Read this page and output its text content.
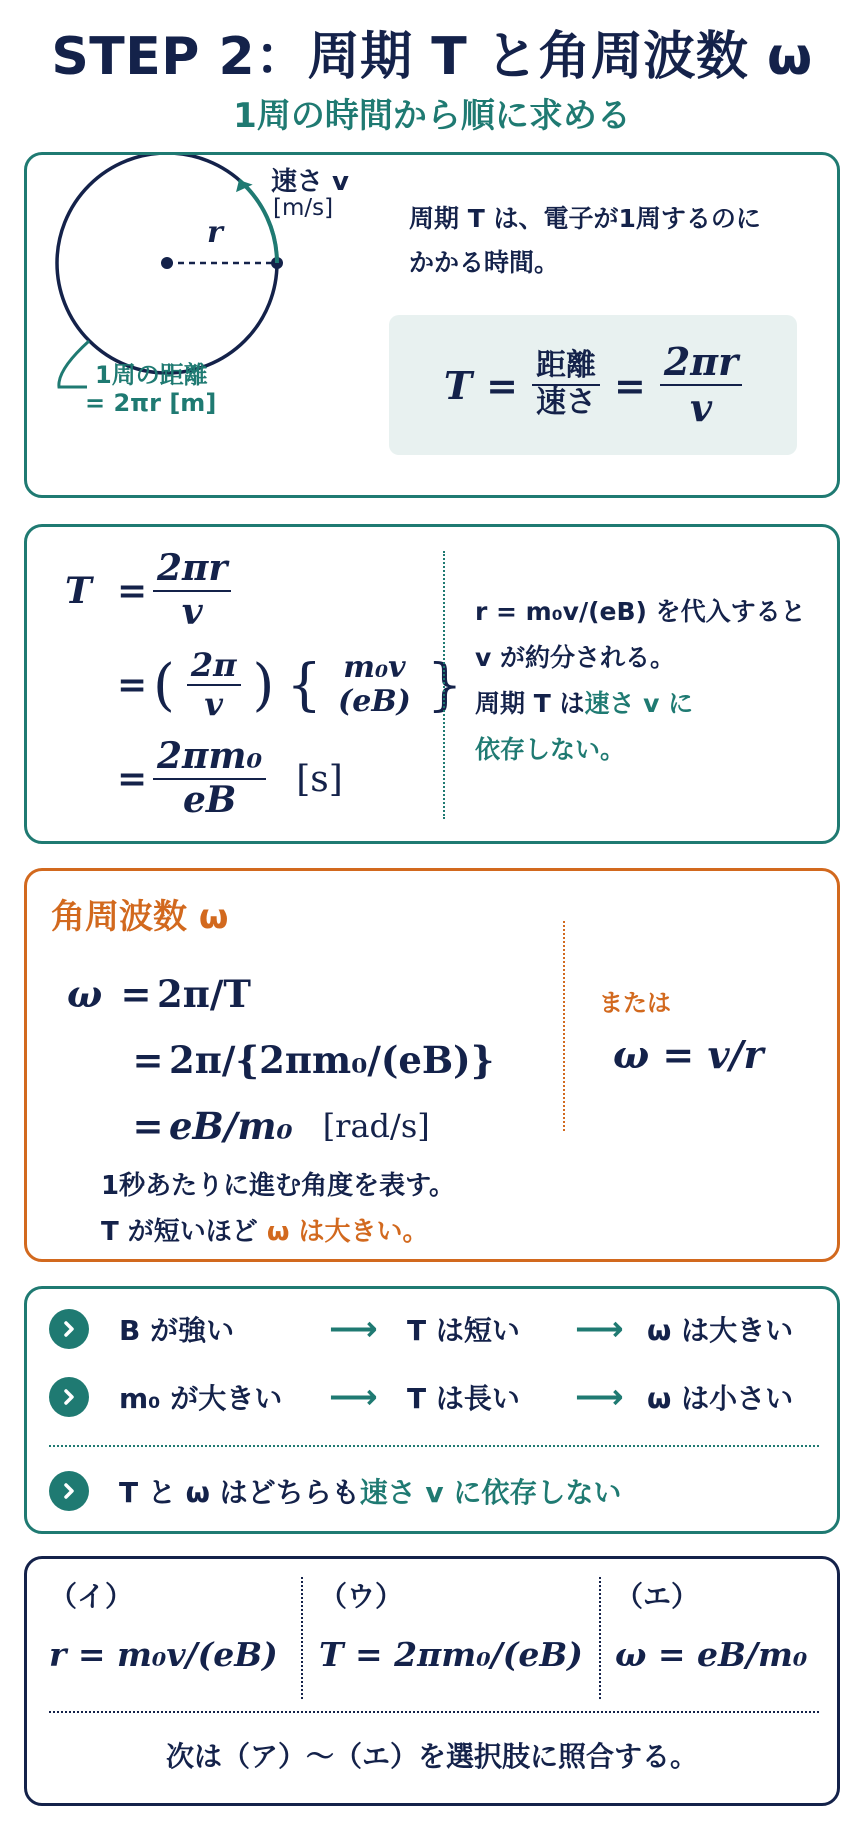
STEP 2：周期 T と角周波数 ω
1周の時間から順に求める
速さ v
[m/s]
r
1周の距離
= 2πr [m]
周期 T は、電子が1周するのに
かかる時間。
$T = \frac{\text{距離}}{\text{速さ}} = \frac{2\pi r}{v}$
$T = \frac{2\pi r}{v}$
= ( $\frac{2\pi}{v}$ ) { m₀v
(eB) }
= $\frac{\text{2πm₀}}{eB} [s]$
r = m₀v/(eB) を代入すると
v が約分される。
周期 T は速さ v に
依存しない。
角周波数 ω
ω = 2π/T
= 2π/{2πm₀/(eB)}
= eB/m₀ [rad/s]
または
ω = v/r
1秒あたりに進む角度を表す。
T が短いほど ω は大きい。
B が強い	⟶	T は短い	⟶ ω は大きい
m₀ が大きい	⟶	T は長い	⟶ ω は小さい
T と ω はどちらも 速さ v に依存しない
（イ）
r = m₀v/(eB)
（ウ）
T = 2πm₀/(eB)
（エ）
ω = eB/m₀
次は（ア）〜（エ）を選択肢に照合する。
